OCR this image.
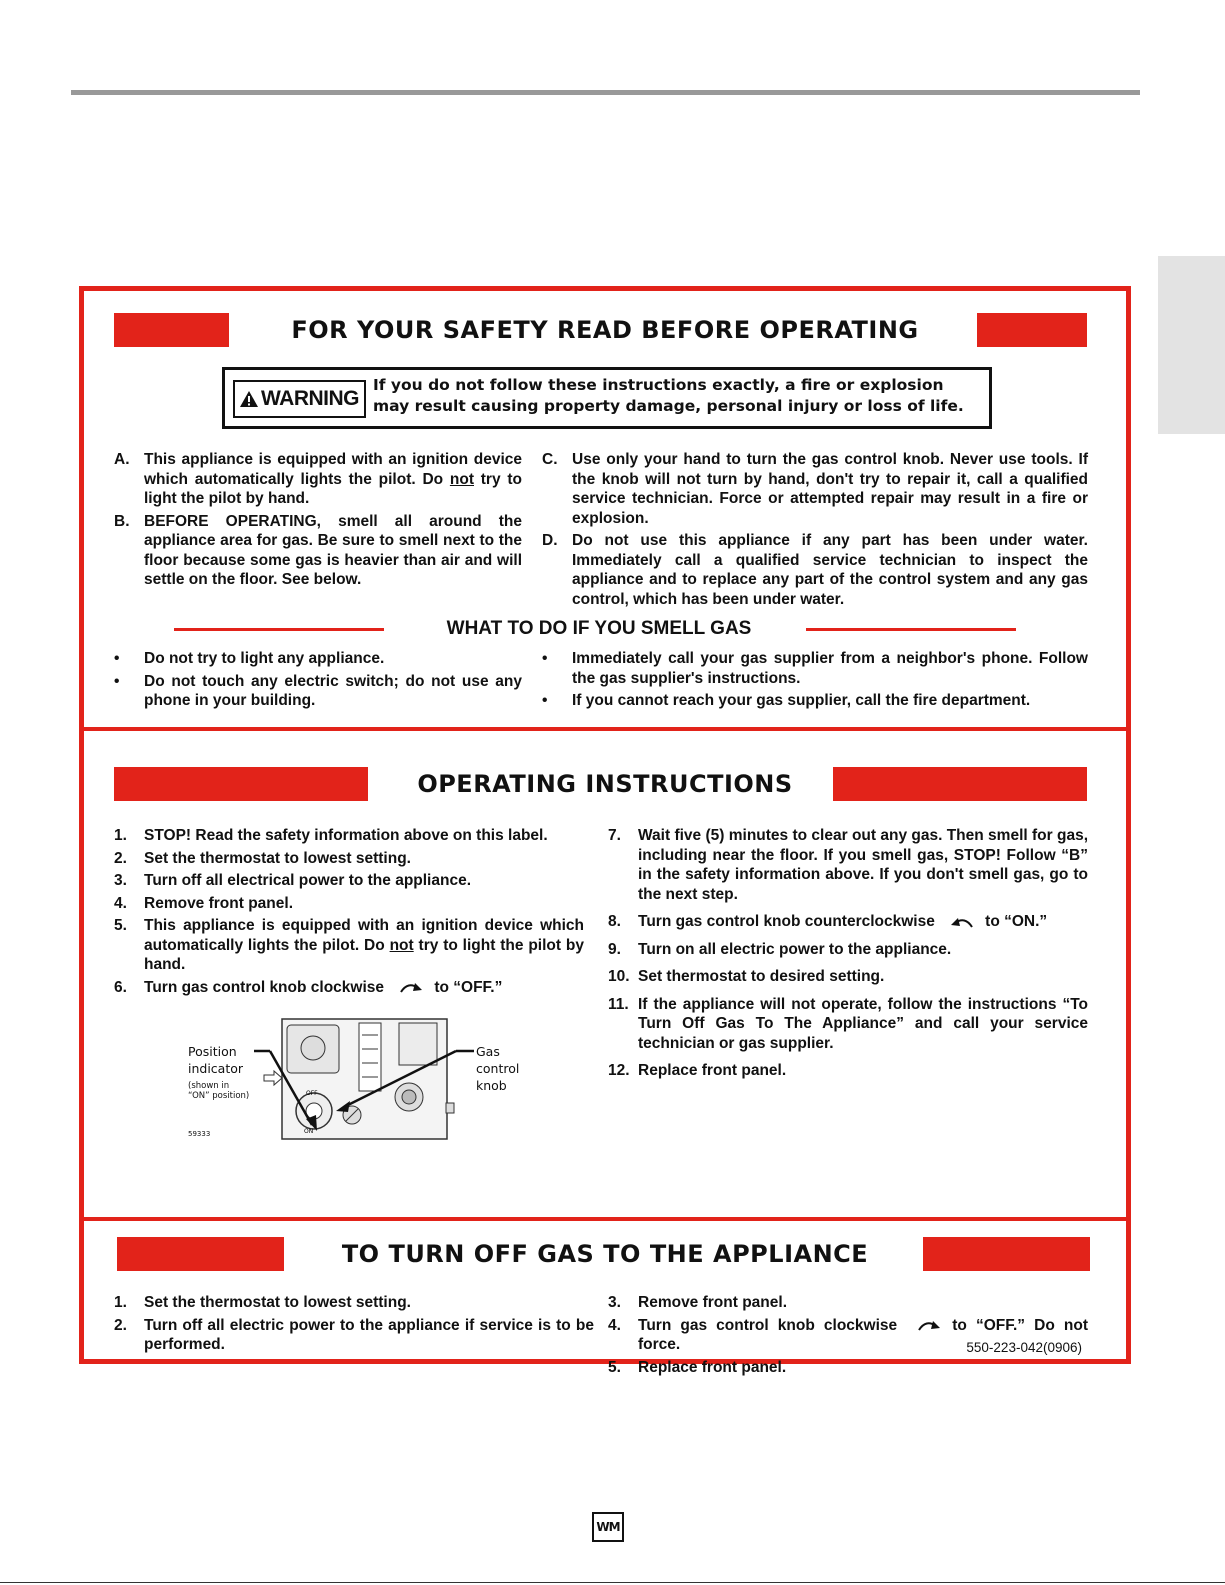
FOR YOUR SAFETY READ BEFORE OPERATING
WARNING
If you do not follow these instructions exactly, a fire or explosion
may result causing property damage, personal injury or loss of life.
A. This appliance is equipped with an ignition device which automatically lights the pilot. Do not try to light the pilot by hand.
B. BEFORE OPERATING, smell all around the appliance area for gas. Be sure to smell next to the floor because some gas is heavier than air and will settle on the floor. See below.
C. Use only your hand to turn the gas control knob. Never use tools. If the knob will not turn by hand, don't try to repair it, call a qualified service technician. Force or attempted repair may result in a fire or explosion.
D. Do not use this appliance if any part has been under water. Immediately call a qualified service technician to inspect the appliance and to replace any part of the control system and any gas control, which has been under water.
WHAT TO DO IF YOU SMELL GAS
• Do not try to light any appliance.
• Do not touch any electric switch; do not use any phone in your building.
• Immediately call your gas supplier from a neighbor's phone. Follow the gas supplier's instructions.
• If you cannot reach your gas supplier, call the fire department.
OPERATING INSTRUCTIONS
1. STOP! Read the safety information above on this label.
2. Set the thermostat to lowest setting.
3. Turn off all electrical power to the appliance.
4. Remove front panel.
5. This appliance is equipped with an ignition device which automatically lights the pilot. Do not try to light the pilot by hand.
6. Turn gas control knob clockwise	to “OFF.”
7. Wait five (5) minutes to clear out any gas. Then smell for gas, including near the floor. If you smell gas, STOP! Follow “B” in the safety information above. If you don't smell gas, go to the next step.
8. Turn gas control knob counterclockwise	to “ON.”
9. Turn on all electric power to the appliance.
10. Set thermostat to desired setting.
11. If the appliance will not operate, follow the instructions “To Turn Off Gas To The Appliance” and call your service technician or gas supplier.
12. Replace front panel.
Position
indicator
(shown in
“ON” position)
59333
Gas
control
knob
OFF
ON
TO TURN OFF GAS TO THE APPLIANCE
1. Set the thermostat to lowest setting.
2. Turn off all electric power to the appliance if service is to be performed.
3. Remove front panel.
4. Turn gas control knob clockwise	to “OFF.” Do not force.
5. Replace front panel.
550-223-042(0906)
WM
